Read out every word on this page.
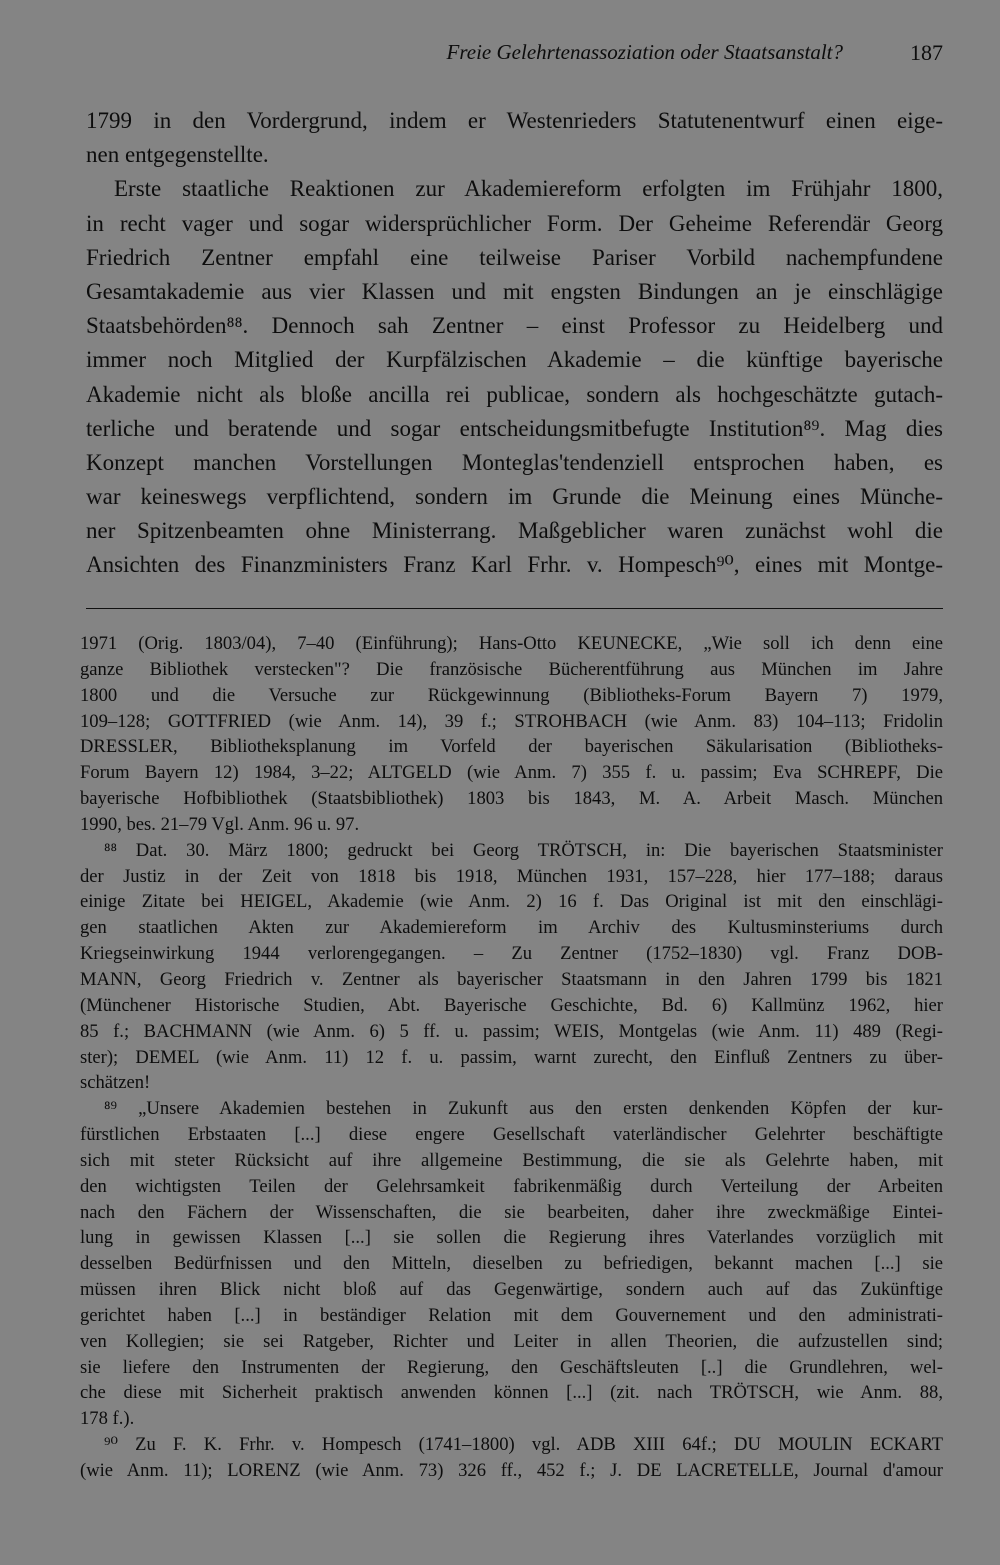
Freie Gelehrtenassoziation oder Staatsanstalt?	187
1799 in den Vordergrund, indem er Westenrieders Statutenentwurf einen eige-
nen entgegenstellte.
Erste staatliche Reaktionen zur Akademiereform erfolgten im Frühjahr 1800,
in recht vager und sogar widersprüchlicher Form. Der Geheime Referendär Georg
Friedrich Zentner empfahl eine teilweise Pariser Vorbild nachempfundene
Gesamtakademie aus vier Klassen und mit engsten Bindungen an je einschlägige
Staatsbehörden⁸⁸. Dennoch sah Zentner – einst Professor zu Heidelberg und
immer noch Mitglied der Kurpfälzischen Akademie – die künftige bayerische
Akademie nicht als bloße ancilla rei publicae, sondern als hochgeschätzte gutach-
terliche und beratende und sogar entscheidungsmitbefugte Institution⁸⁹. Mag dies
Konzept manchen Vorstellungen Monteglas'tendenziell entsprochen haben, es
war keineswegs verpflichtend, sondern im Grunde die Meinung eines Münche-
ner Spitzenbeamten ohne Ministerrang. Maßgeblicher waren zunächst wohl die
Ansichten des Finanzministers Franz Karl Frhr. v. Hompesch⁹⁰, eines mit Montge-
1971 (Orig. 1803/04), 7–40 (Einführung); Hans-Otto KEUNECKE, „Wie soll ich denn eine
ganze Bibliothek verstecken"? Die französische Bücherentführung aus München im Jahre
1800 und die Versuche zur Rückgewinnung (Bibliotheks-Forum Bayern 7) 1979,
109–128; GOTTFRIED (wie Anm. 14), 39 f.; STROHBACH (wie Anm. 83) 104–113; Fridolin
DRESSLER, Bibliotheksplanung im Vorfeld der bayerischen Säkularisation (Bibliotheks-
Forum Bayern 12) 1984, 3–22; ALTGELD (wie Anm. 7) 355 f. u. passim; Eva SCHREPF, Die
bayerische Hofbibliothek (Staatsbibliothek) 1803 bis 1843, M. A. Arbeit Masch. München
1990, bes. 21–79 Vgl. Anm. 96 u. 97.
⁸⁸ Dat. 30. März 1800; gedruckt bei Georg TRÖTSCH, in: Die bayerischen Staatsminister
der Justiz in der Zeit von 1818 bis 1918, München 1931, 157–228, hier 177–188; daraus
einige Zitate bei HEIGEL, Akademie (wie Anm. 2) 16 f. Das Original ist mit den einschlägi-
gen staatlichen Akten zur Akademiereform im Archiv des Kultusminsteriums durch
Kriegseinwirkung 1944 verlorengegangen. – Zu Zentner (1752–1830) vgl. Franz DOB-
MANN, Georg Friedrich v. Zentner als bayerischer Staatsmann in den Jahren 1799 bis 1821
(Münchener Historische Studien, Abt. Bayerische Geschichte, Bd. 6) Kallmünz 1962, hier
85 f.; BACHMANN (wie Anm. 6) 5 ff. u. passim; WEIS, Montgelas (wie Anm. 11) 489 (Regi-
ster); DEMEL (wie Anm. 11) 12 f. u. passim, warnt zurecht, den Einfluß Zentners zu über-
schätzen!
⁸⁹ „Unsere Akademien bestehen in Zukunft aus den ersten denkenden Köpfen der kur-
fürstlichen Erbstaaten [...] diese engere Gesellschaft vaterländischer Gelehrter beschäftigte
sich mit steter Rücksicht auf ihre allgemeine Bestimmung, die sie als Gelehrte haben, mit
den wichtigsten Teilen der Gelehrsamkeit fabrikenmäßig durch Verteilung der Arbeiten
nach den Fächern der Wissenschaften, die sie bearbeiten, daher ihre zweckmäßige Eintei-
lung in gewissen Klassen [...] sie sollen die Regierung ihres Vaterlandes vorzüglich mit
desselben Bedürfnissen und den Mitteln, dieselben zu befriedigen, bekannt machen [...] sie
müssen ihren Blick nicht bloß auf das Gegenwärtige, sondern auch auf das Zukünftige
gerichtet haben [...] in beständiger Relation mit dem Gouvernement und den administrati-
ven Kollegien; sie sei Ratgeber, Richter und Leiter in allen Theorien, die aufzustellen sind;
sie liefere den Instrumenten der Regierung, den Geschäftsleuten [..] die Grundlehren, wel-
che diese mit Sicherheit praktisch anwenden können [...] (zit. nach TRÖTSCH, wie Anm. 88,
178 f.).
⁹⁰ Zu F. K. Frhr. v. Hompesch (1741–1800) vgl. ADB XIII 64f.; DU MOULIN ECKART
(wie Anm. 11); LORENZ (wie Anm. 73) 326 ff., 452 f.; J. DE LACRETELLE, Journal d'amour
